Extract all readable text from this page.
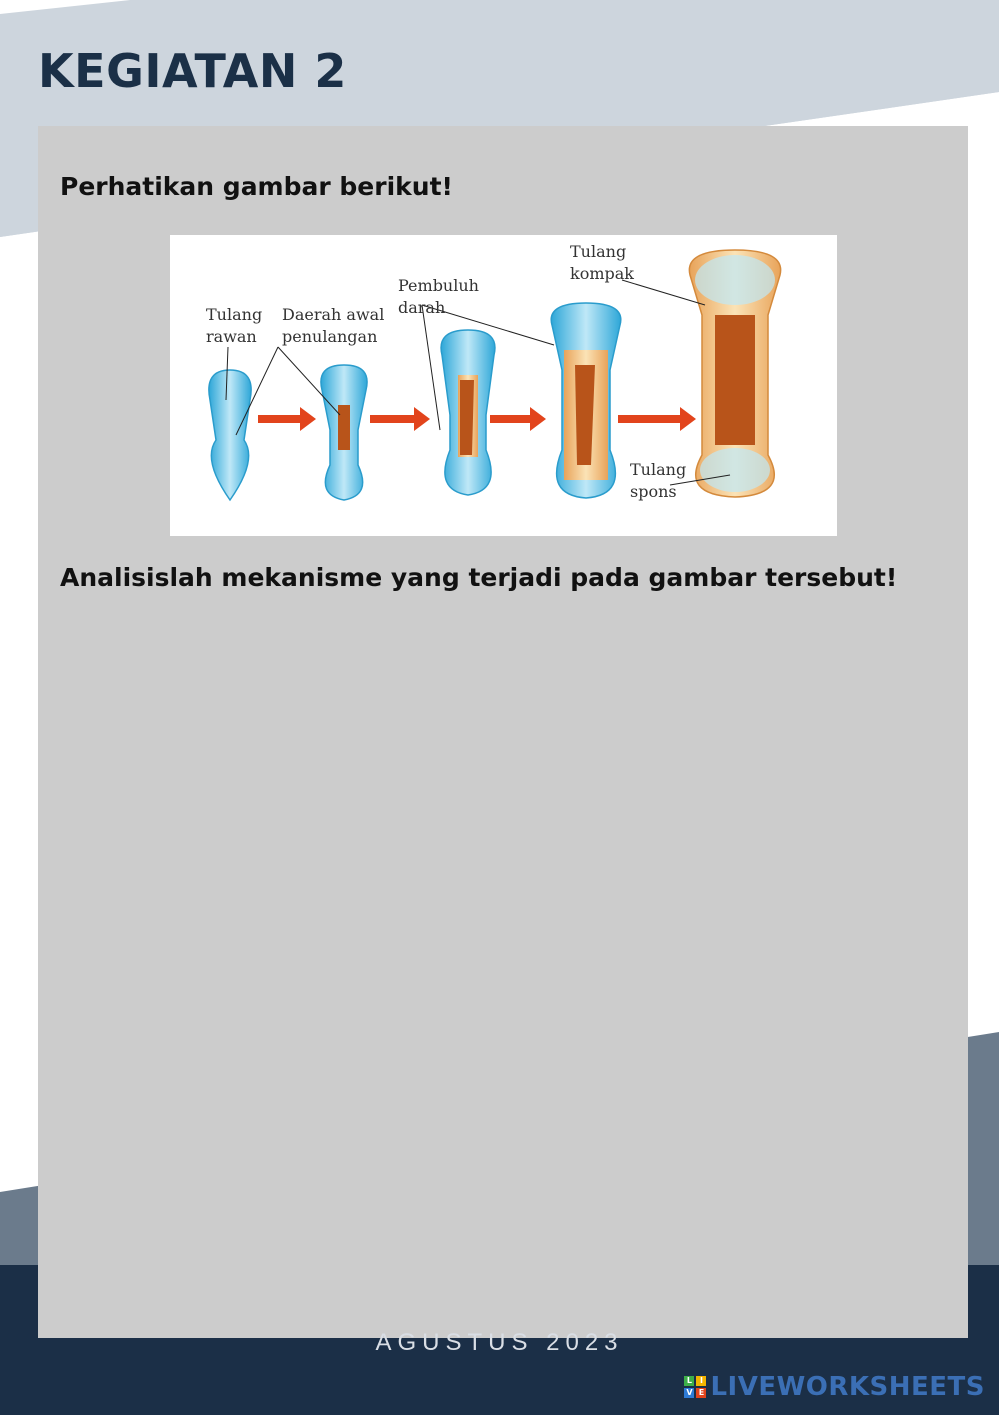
KEGIATAN 2

Perhatikan gambar berikut!

Tulang
rawan
Daerah awal
penulangan
Pembuluh
darah
Tulang
kompak
Tulang
spons

Analisislah mekanisme yang terjadi pada gambar tersebut!

AGUSTUS 2023
L I
V E LIVEWORKSHEETS
